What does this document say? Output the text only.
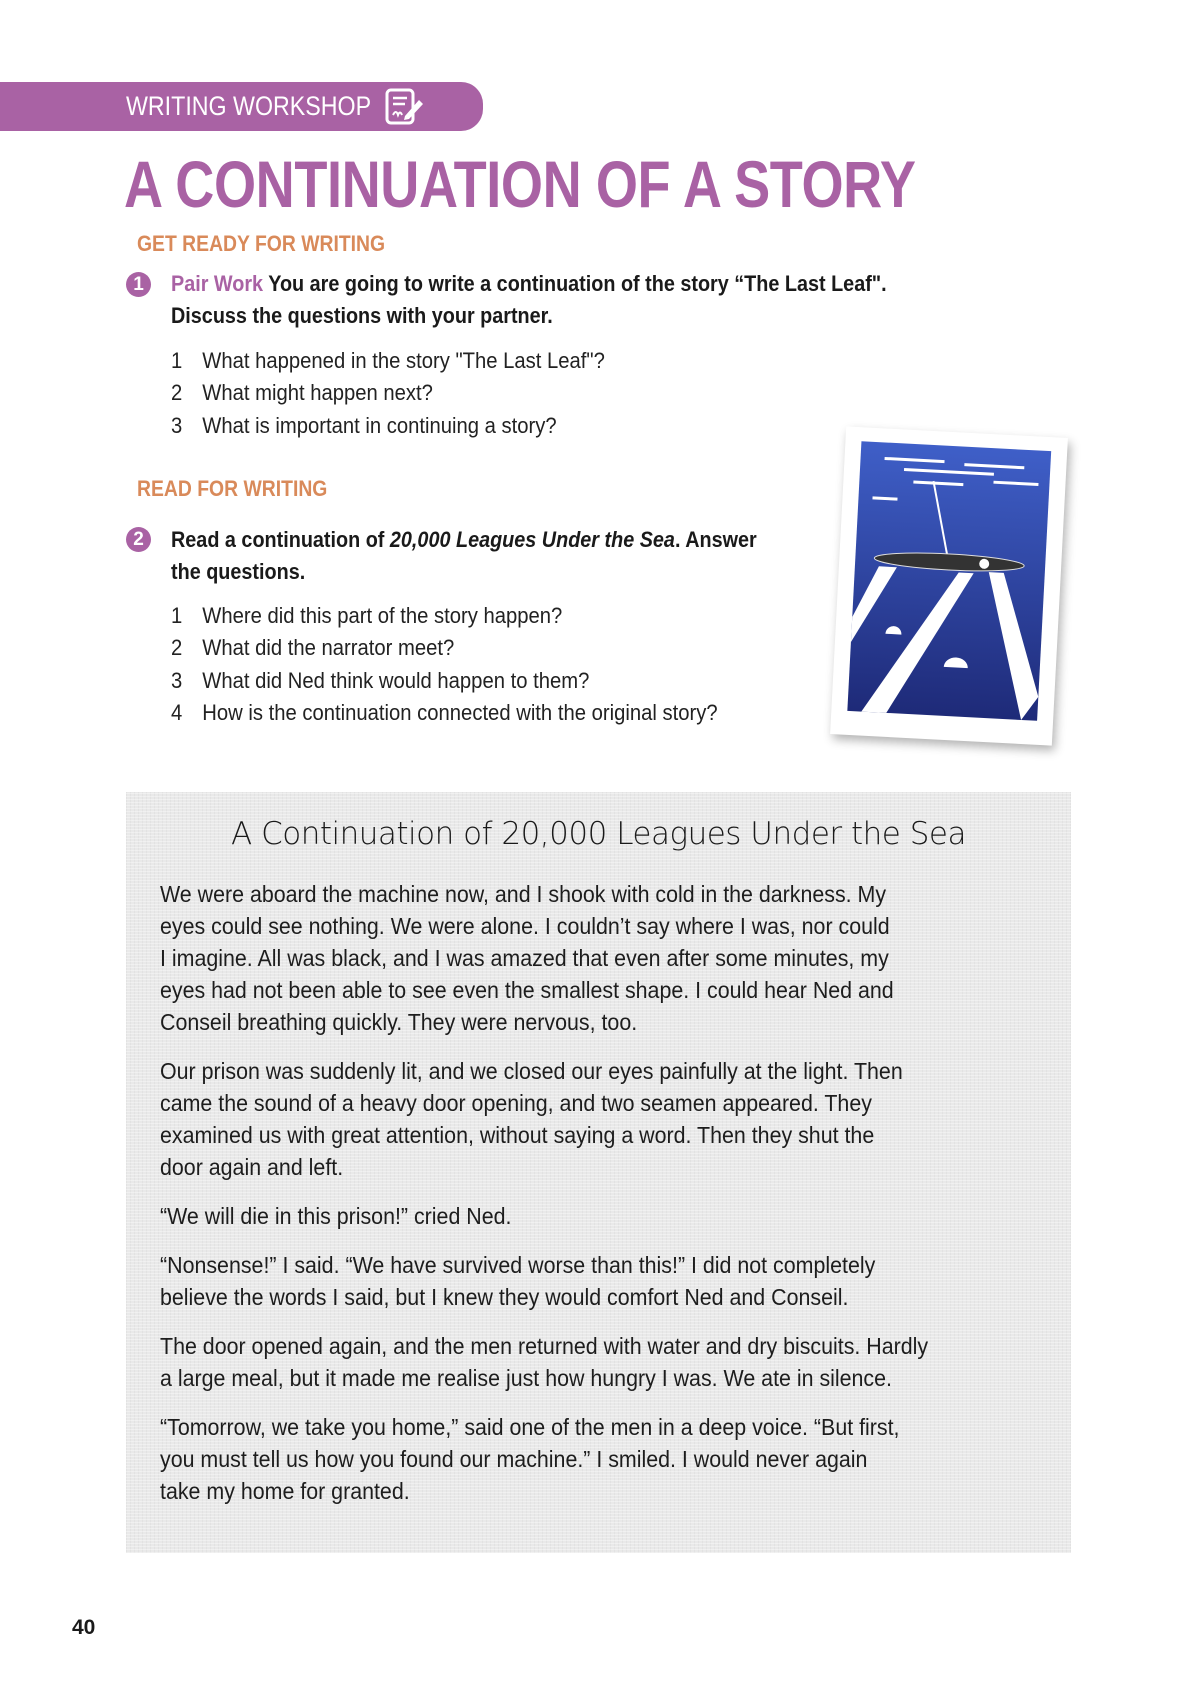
WRITING WORKSHOP
A CONTINUATION OF A STORY
GET READY FOR WRITING
1	Pair Work You are going to write a continuation of the story “The Last Leaf".
Discuss the questions with your partner.
1 What happened in the story "The Last Leaf"?
2 What might happen next?
3 What is important in continuing a story?
READ FOR WRITING
2	Read a continuation of 20,000 Leagues Under the Sea. Answer
the questions.
1 Where did this part of the story happen?
2 What did the narrator meet?
3 What did Ned think would happen to them?
4 How is the continuation connected with the original story?
A Continuation of 20,000 Leagues Under the Sea
We were aboard the machine now, and I shook with cold in the darkness. My
eyes could see nothing. We were alone. I couldn’t say where I was, nor could
I imagine. All was black, and I was amazed that even after some minutes, my
eyes had not been able to see even the smallest shape. I could hear Ned and
Conseil breathing quickly. They were nervous, too.
Our prison was suddenly lit, and we closed our eyes painfully at the light. Then
came the sound of a heavy door opening, and two seamen appeared. They
examined us with great attention, without saying a word. Then they shut the
door again and left.
“We will die in this prison!” cried Ned.
“Nonsense!” I said. “We have survived worse than this!” I did not completely
believe the words I said, but I knew they would comfort Ned and Conseil.
The door opened again, and the men returned with water and dry biscuits. Hardly
a large meal, but it made me realise just how hungry I was. We ate in silence.
“Tomorrow, we take you home,” said one of the men in a deep voice. “But first,
you must tell us how you found our machine.” I smiled. I would never again
take my home for granted.
40
